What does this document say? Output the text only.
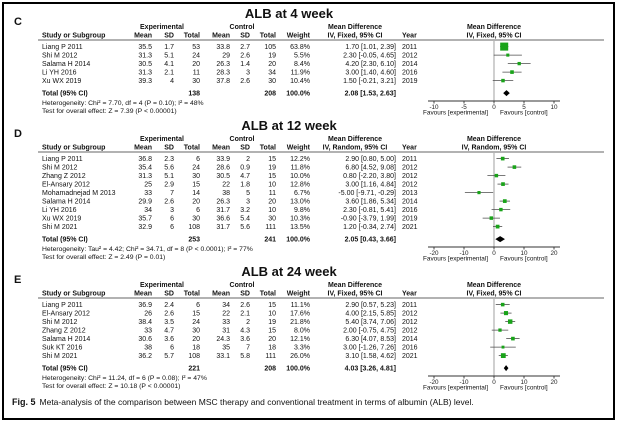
C
ALB at 4 week
Experimental	Control	Mean Difference	Mean Difference
Study or Subgroup	Mean SD Total Mean SD Total Weight	IV, Fixed, 95% CI	Year	IV, Fixed, 95% CI
-10	-5	0	5	10
Liang P 2011	35.5 1.7	53 33.8 2.7 105 63.8%	1.70 [1.01, 2.39] 2011
Shi M 2012	31.3 5.1	24	29 2.6	19	5.5%	2.30 [-0.05, 4.65] 2012
Salama H 2014	30.5 4.1	20 26.3 1.4	20	8.4%	4.20 [2.30, 6.10] 2014
Li YH 2016	31.3 2.1	11 28.3 3	34 11.9%	3.00 [1.40, 4.60] 2016
Xu WX 2019	39.3	4	30 37.8 2.6	30 10.4%	1.50 [-0.21, 3.21] 2019
Total (95% CI)	138	208 100.0%	2.08 [1.53, 2.63]
Heterogeneity: Chi² = 7.70, df = 4 (P = 0.10); I² = 48%
Test for overall effect: Z = 7.39 (P < 0.00001)	Favours [experimental] Favours [control]
D
ALB at 12 week
Experimental	Control	Mean Difference	Mean Difference
Study or Subgroup	Mean SD Total Mean SD Total Weight IV, Random, 95% CI Year	IV, Random, 95% CI
-20	-10	0	10	20
Liang P 2011	36.8 2.3	6 33.9 2	15 12.2%	2.90 [0.80, 5.00] 2011
Shi M 2012	35.4 5.6	24 28.6 0.9	19 11.8%	6.80 [4.52, 9.08] 2012
Zhang Z 2012	31.3 5.1	30 30.5 4.7	15 10.0%	0.80 [-2.20, 3.80] 2012
El-Ansary 2012	25 2.9	15	22 1.8	10 12.8%	3.00 [1.16, 4.84] 2012
Mohamadnejad M 2013	33	7	14	38 5	11	6.7%	-5.00 [-9.71, -0.29] 2013
Salama H 2014	29.9 2.6	20 26.3 3	20 13.0%	3.60 [1.86, 5.34] 2014
Li YH 2016	34	3	6 31.7 3.2	10	9.8%	2.30 [-0.81, 5.41] 2016
Xu WX 2019	35.7	6	30 36.6 5.4	30 10.3%	-0.90 [-3.79, 1.99] 2019
Shi M 2021	32.9	6 108 31.7 5.6 111 13.5%	1.20 [-0.34, 2.74] 2021
Total (95% CI)	253	241 100.0%	2.05 [0.43, 3.66]
Heterogeneity: Tau² = 4.42; Chi² = 34.71, df = 8 (P < 0.0001); I² = 77%
Test for overall effect: Z = 2.49 (P = 0.01)	Favours [experimental] Favours [control]
E
ALB at 24 week
Experimental	Control	Mean Difference	Mean Difference
Study or Subgroup	Mean SD Total Mean SD Total Weight	IV, Fixed, 95% CI	Year	IV, Fixed, 95% CI
-20	-10	0	10	20
Liang P 2011	36.9 2.4	6	34 2.6	15 11.1%	2.90 [0.57, 5.23] 2011
El-Ansary 2012	26 2.6	15	22 2.1	10 17.6%	4.00 [2.15, 5.85] 2012
Shi M 2012	38.4 3.5	24	33 2	19 21.8%	5.40 [3.74, 7.06] 2012
Zhang Z 2012	33 4.7	30	31 4.3	15	8.0%	2.00 [-0.75, 4.75] 2012
Salama H 2014	30.6 3.6	20 24.3 3.6	20 12.1%	6.30 [4.07, 8.53] 2014
Suk KT 2016	38	6	18	35 7	18	3.3%	3.00 [-1.26, 7.26] 2016
Shi M 2021	36.2 5.7 108 33.1 5.8 111 26.0%	3.10 [1.58, 4.62] 2021
Total (95% CI)	221	208 100.0%	4.03 [3.26, 4.81]
Heterogeneity: Chi² = 11.24, df = 6 (P = 0.08); I² = 47%
Test for overall effect: Z = 10.18 (P < 0.00001)	Favours [experimental] Favours [control]
Fig. 5 Meta-analysis of the comparison between MSC therapy and conventional treatment in terms of albumin (ALB) level.
